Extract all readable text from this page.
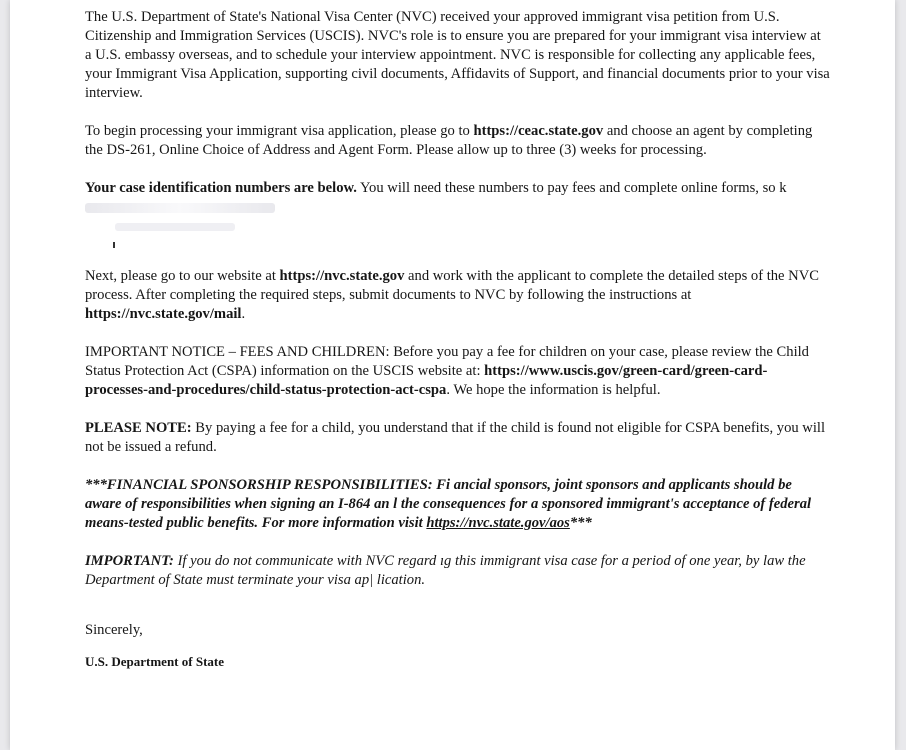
The U.S. Department of State's National Visa Center (NVC) received your approved immigrant visa petition from U.S. Citizenship and Immigration Services (USCIS). NVC's role is to ensure you are prepared for your immigrant visa interview at a U.S. embassy overseas, and to schedule your interview appointment. NVC is responsible for collecting any applicable fees, your Immigrant Visa Application, supporting civil documents, Affidavits of Support, and financial documents prior to your visa interview.

To begin processing your immigrant visa application, please go to https://ceac.state.gov and choose an agent by completing the DS-261, Online Choice of Address and Agent Form. Please allow up to three (3) weeks for processing.

Your case identification numbers are below. You will need these numbers to pay fees and complete online forms, so k

Next, please go to our website at https://nvc.state.gov and work with the applicant to complete the detailed steps of the NVC process. After completing the required steps, submit documents to NVC by following the instructions at https://nvc.state.gov/mail.

IMPORTANT NOTICE – FEES AND CHILDREN: Before you pay a fee for children on your case, please review the Child Status Protection Act (CSPA) information on the USCIS website at: https://www.uscis.gov/green-card/green-card-processes-and-procedures/child-status-protection-act-cspa. We hope the information is helpful.

PLEASE NOTE: By paying a fee for a child, you understand that if the child is found not eligible for CSPA benefits, you will not be issued a refund.

***FINANCIAL SPONSORSHIP RESPONSIBILITIES: Fi ancial sponsors, joint sponsors and applicants should be aware of responsibilities when signing an I-864 an l the consequences for a sponsored immigrant's acceptance of federal means-tested public benefits. For more information visit https://nvc.state.gov/aos***

IMPORTANT: If you do not communicate with NVC regard ıg this immigrant visa case for a period of one year, by law the Department of State must terminate your visa ap| lication.

Sincerely,

U.S. Department of State
